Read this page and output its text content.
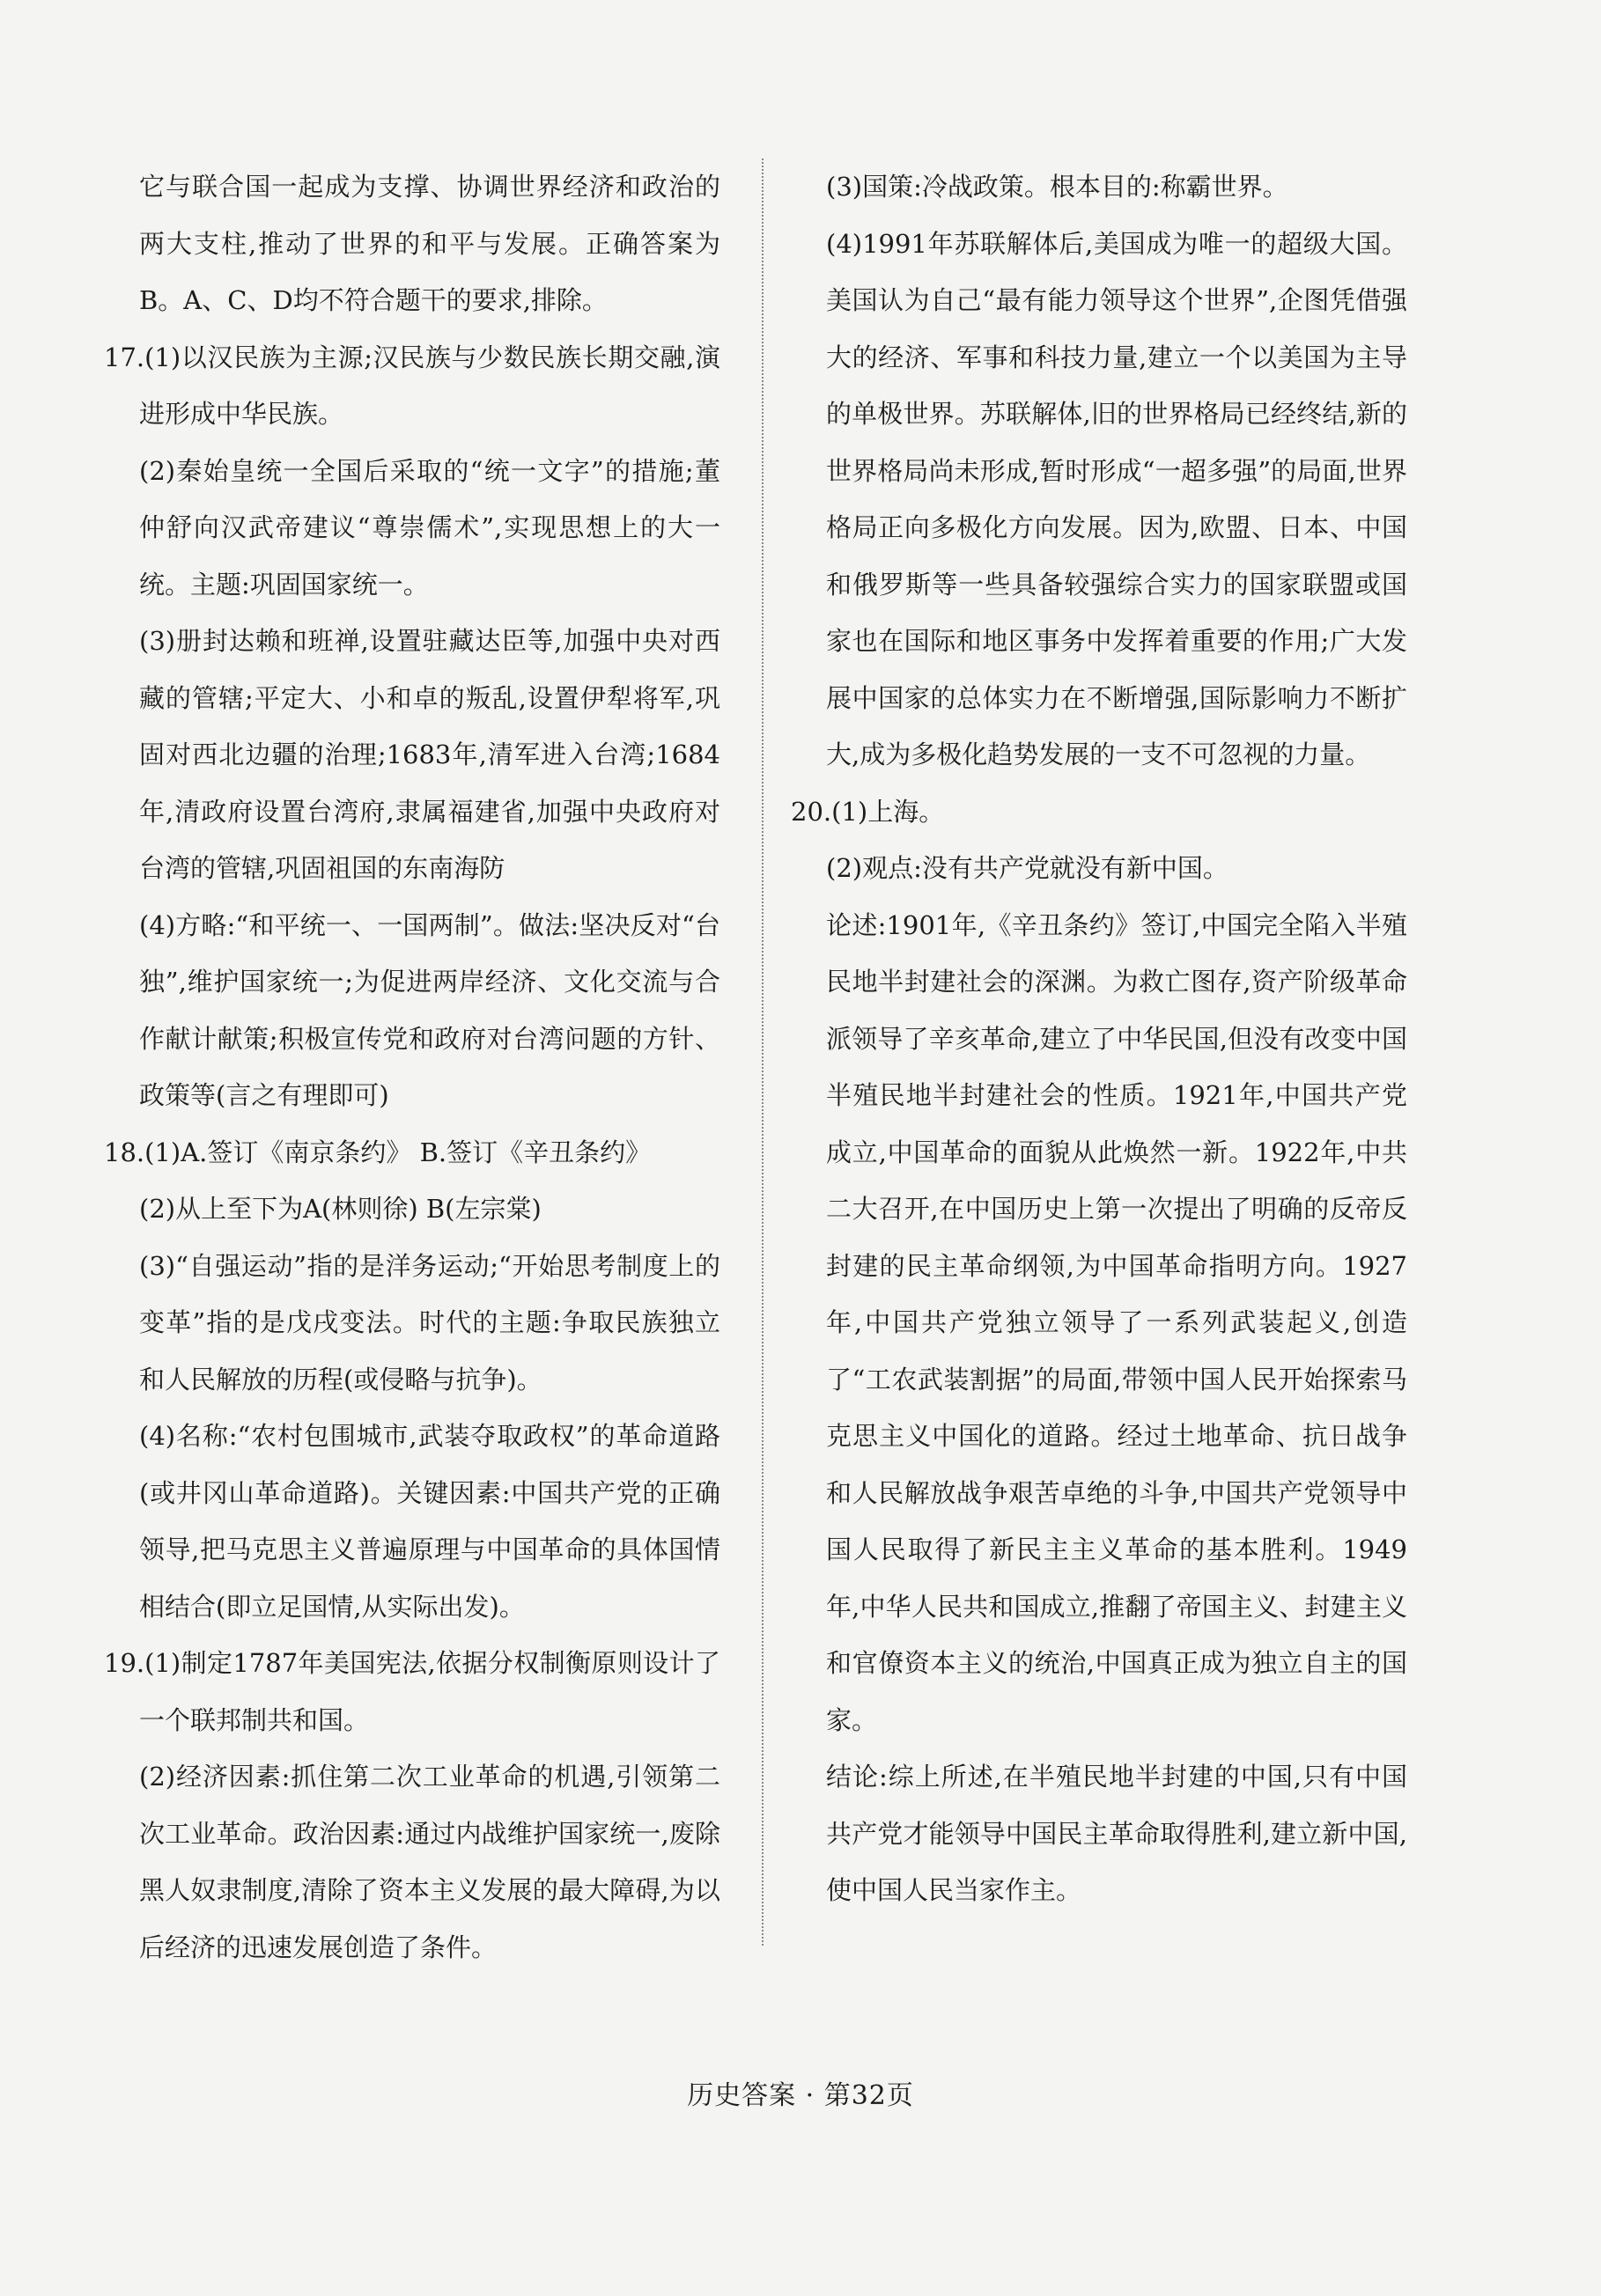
它与联合国一起成为支撑、协调世界经济和政治的两大支柱,推动了世界的和平与发展。正确答案为B。A、C、D均不符合题干的要求,排除。

17.(1)以汉民族为主源;汉民族与少数民族长期交融,演进形成中华民族。

(2)秦始皇统一全国后采取的“统一文字”的措施;董仲舒向汉武帝建议“尊崇儒术”,实现思想上的大一统。主题:巩固国家统一。

(3)册封达赖和班禅,设置驻藏达臣等,加强中央对西藏的管辖;平定大、小和卓的叛乱,设置伊犁将军,巩固对西北边疆的治理;1683年,清军进入台湾;1684年,清政府设置台湾府,隶属福建省,加强中央政府对台湾的管辖,巩固祖国的东南海防

(4)方略:“和平统一、一国两制”。做法:坚决反对“台独”,维护国家统一;为促进两岸经济、文化交流与合作献计献策;积极宣传党和政府对台湾问题的方针、政策等(言之有理即可)

18.(1)A.签订《南京条约》 B.签订《辛丑条约》

(2)从上至下为A(林则徐) B(左宗棠)

(3)“自强运动”指的是洋务运动;“开始思考制度上的变革”指的是戊戌变法。时代的主题:争取民族独立和人民解放的历程(或侵略与抗争)。

(4)名称:“农村包围城市,武装夺取政权”的革命道路(或井冈山革命道路)。关键因素:中国共产党的正确领导,把马克思主义普遍原理与中国革命的具体国情相结合(即立足国情,从实际出发)。

19.(1)制定1787年美国宪法,依据分权制衡原则设计了一个联邦制共和国。

(2)经济因素:抓住第二次工业革命的机遇,引领第二次工业革命。政治因素:通过内战维护国家统一,废除黑人奴隶制度,清除了资本主义发展的最大障碍,为以后经济的迅速发展创造了条件。

(3)国策:冷战政策。根本目的:称霸世界。

(4)1991年苏联解体后,美国成为唯一的超级大国。美国认为自己“最有能力领导这个世界”,企图凭借强大的经济、军事和科技力量,建立一个以美国为主导的单极世界。苏联解体,旧的世界格局已经终结,新的世界格局尚未形成,暂时形成“一超多强”的局面,世界格局正向多极化方向发展。因为,欧盟、日本、中国和俄罗斯等一些具备较强综合实力的国家联盟或国家也在国际和地区事务中发挥着重要的作用;广大发展中国家的总体实力在不断增强,国际影响力不断扩大,成为多极化趋势发展的一支不可忽视的力量。

20.(1)上海。

(2)观点:没有共产党就没有新中国。

论述:1901年,《辛丑条约》签订,中国完全陷入半殖民地半封建社会的深渊。为救亡图存,资产阶级革命派领导了辛亥革命,建立了中华民国,但没有改变中国半殖民地半封建社会的性质。1921年,中国共产党成立,中国革命的面貌从此焕然一新。1922年,中共二大召开,在中国历史上第一次提出了明确的反帝反封建的民主革命纲领,为中国革命指明方向。1927年,中国共产党独立领导了一系列武装起义,创造了“工农武装割据”的局面,带领中国人民开始探索马克思主义中国化的道路。经过土地革命、抗日战争和人民解放战争艰苦卓绝的斗争,中国共产党领导中国人民取得了新民主主义革命的基本胜利。1949年,中华人民共和国成立,推翻了帝国主义、封建主义和官僚资本主义的统治,中国真正成为独立自主的国家。

结论:综上所述,在半殖民地半封建的中国,只有中国共产党才能领导中国民主革命取得胜利,建立新中国,使中国人民当家作主。

历史答案 · 第32页
